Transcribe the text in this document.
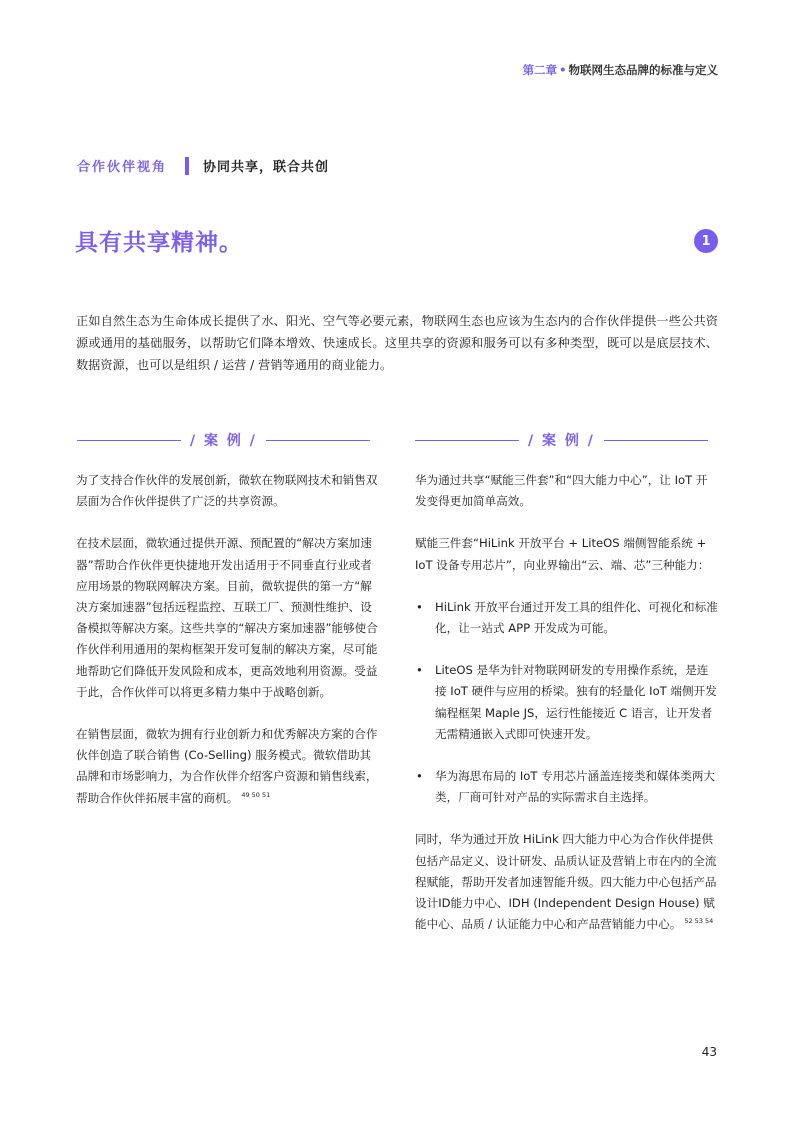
第二章 • 物联网生态品牌的标准与定义
合作伙伴视角	协同共享，联合共创
具有共享精神。	1

正如自然生态为生命体成长提供了水、阳光、空气等必要元素，物联网生态也应该为生态内的合作伙伴提供一些公共资源或通用的基础服务，以帮助它们降本增效、快速成长。这里共享的资源和服务可以有多种类型，既可以是底层技术、数据资源，也可以是组织 / 运营 / 营销等通用的商业能力。

/ 案 例 /	/ 案 例 /

为了支持合作伙伴的发展创新，微软在物联网技术和销售双层面为合作伙伴提供了广泛的共享资源。

在技术层面，微软通过提供开源、预配置的“解决方案加速器”帮助合作伙伴更快捷地开发出适用于不同垂直行业或者应用场景的物联网解决方案。目前，微软提供的第一方“解决方案加速器”包括远程监控、互联工厂、预测性维护、设备模拟等解决方案。这些共享的“解决方案加速器”能够使合作伙伴利用通用的架构框架开发可复制的解决方案，尽可能地帮助它们降低开发风险和成本，更高效地利用资源。受益于此，合作伙伴可以将更多精力集中于战略创新。

在销售层面，微软为拥有行业创新力和优秀解决方案的合作伙伴创造了联合销售 (Co-Selling) 服务模式。微软借助其品牌和市场影响力，为合作伙伴介绍客户资源和销售线索，帮助合作伙伴拓展丰富的商机。 $^{49 50 51}$

华为通过共享“赋能三件套”和“四大能力中心”，让 IoT 开发变得更加简单高效。

赋能三件套“HiLink 开放平台 + LiteOS 端侧智能系统 + IoT 设备专用芯片”，向业界输出“云、端、芯”三种能力：

• HiLink 开放平台通过开发工具的组件化、可视化和标准化，让一站式 APP 开发成为可能。
• LiteOS 是华为针对物联网研发的专用操作系统，是连接 IoT 硬件与应用的桥梁。独有的轻量化 IoT 端侧开发编程框架 Maple JS，运行性能接近 C 语言，让开发者无需精通嵌入式即可快速开发。
• 华为海思布局的 IoT 专用芯片涵盖连接类和媒体类两大类，厂商可针对产品的实际需求自主选择。

同时，华为通过开放 HiLink 四大能力中心为合作伙伴提供包括产品定义、设计研发、品质认证及营销上市在内的全流程赋能，帮助开发者加速智能升级。四大能力中心包括产品设计ID能力中心、IDH (Independent Design House) 赋能中心、品质 / 认证能力中心和产品营销能力中心。 $^{52 53 54}$

43
